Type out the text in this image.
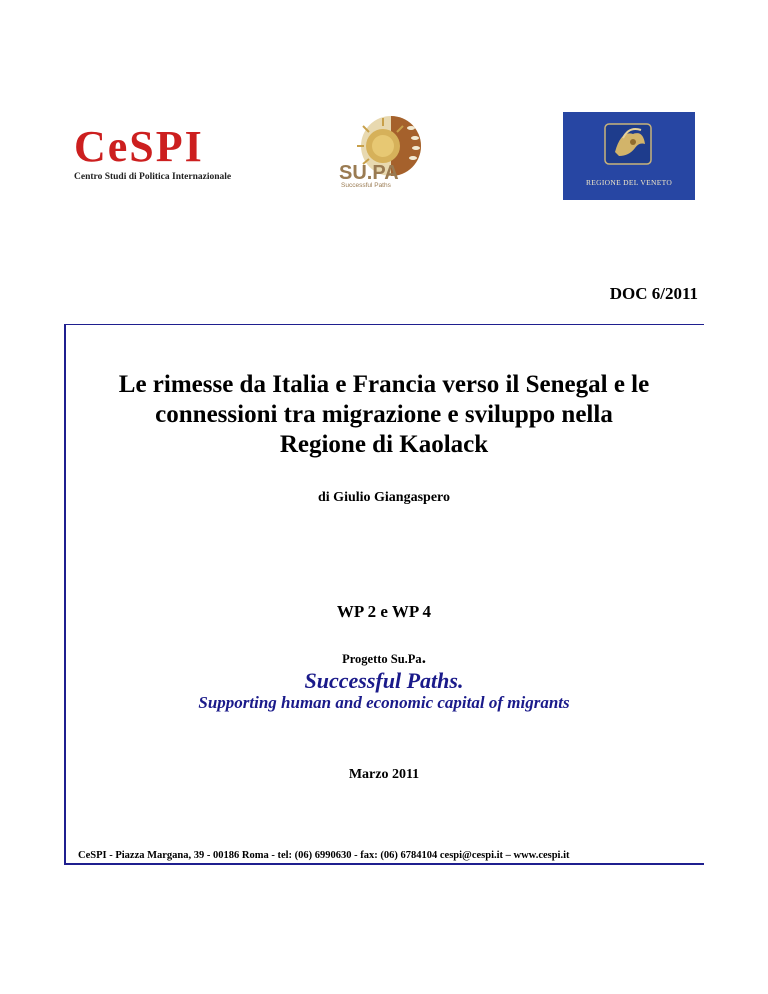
CeSPI
Centro Studi di Politica Internazionale	SU.PA
Successful Paths	REGIONE DEL VENETO
DOC 6/2011
Le rimesse da Italia e Francia verso il Senegal e le
connessioni tra migrazione e sviluppo nella
Regione di Kaolack
di Giulio Giangaspero
WP 2 e WP 4
Progetto Su.Pa.
Successful Paths.
Supporting human and economic capital of migrants
Marzo 2011
CeSPI - Piazza Margana, 39 - 00186 Roma - tel: (06) 6990630 - fax: (06) 6784104 cespi@cespi.it – www.cespi.it
